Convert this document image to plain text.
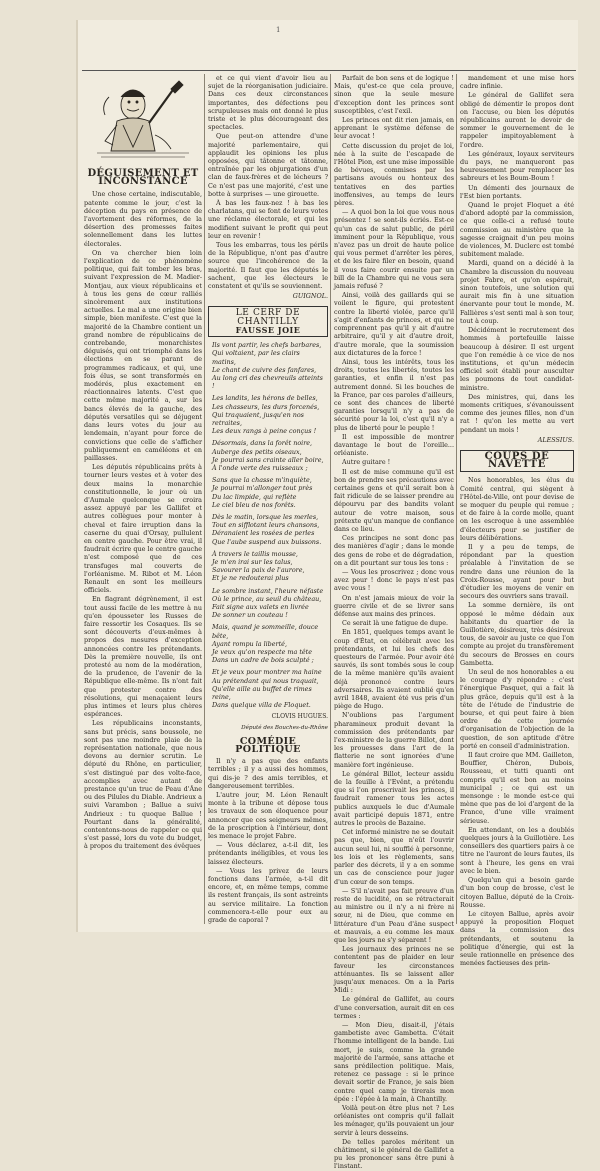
1
DÉGUISEMENT ET INCONSTANCE

Une chose certaine, indiscutable, patente comme le jour, c'est la déception du pays en présence de l'avortement des réformes, de la désertion des promesses faites solennellement dans les luttes électorales.

On va chercher bien loin l'explication de ce phénomène politique, qui fait tomber les bras, suivant l'expression de M. Madier-Montjau, aux vieux républicains et à tous les gens de cœur ralliés sincèrement aux institutions actuelles. Le mal a une origine bien simple, bien manifeste. C'est que la majorité de la Chambre contient un grand nombre de républicains de contrebande, monarchistes déguisés, qui ont triomphé dans les élections en se parant de programmes radicaux, et qui, une fois élus, se sont transformés en modérés, plus exactement en réactionnaires latents. C'est que cette même majorité a, sur les bancs élevés de la gauche, des députés versatiles qui se déjugent dans leurs votes du jour au lendemain, n'ayant pour force de convictions que celle de s'afficher publiquement en caméléons et en paillasses.

Les députés républicains prêts à tourner leurs vestes et à voter des deux mains la monarchie constitutionnelle, le jour où un d'Aumale quelconque se croira assez appuyé par les Gallifet et autres collègues pour monter à cheval et faire irruption dans la caserne du quai d'Orsay, pullulent en centre gauche. Pour être vrai, il faudrait écrire que le centre gauche n'est composé que de ces transfuges mal couverts de l'orléanisme. M. Ribot et M. Léon Renault en sont les meilleurs officiels.

En flagrant dégrènement, il est tout aussi facile de les mettre à nu qu'en épousseter les Russes de faire ressortir les Cosaques. Ils se sont découverts d'eux-mêmes à propos des mesures d'exception annoncées contre les prétendants. Dès la première nouvelle, ils ont protesté au nom de la modération, de la prudence, de l'avenir de la République elle-même. Ils n'ont fait que protester contre des résolutions, qui menaçaient leurs plus intimes et leurs plus chères espérances.

Les républicains inconstants, sans but précis, sans boussole, ne sont pas une moindre plaie de la représentation nationale, que nous devons au dernier scrutin. Le député du Rhône, en particulier, s'est distingué par des volte-face, accomplies avec autant de prestance qu'un truc de Peau d'Âne ou des Pilules du Diable. Andrieux a suivi Varambon ; Ballue a suivi Andrieux : tu quoque Ballue ! Pourtant dans la généralité, contentons-nous de rappeler ce qui s'est passé, lors du vote du budget, à propos du traitement des évêques

et ce qui vient d'avoir lieu au sujet de la réorganisation judiciaire. Dans ces deux circonstances importantes, des défections peu scrupuleuses mais ont donné le plus triste et le plus décourageant des spectacles.

Que peut-on attendre d'une majorité parlementaire, qui applaudit les opinions les plus opposées, qui tâtonne et tâtonne, entraînée par les objurgations d'un clan de faux-frères et de lécheurs ? Ce n'est pas une majorité, c'est une botte à surprises — une girouette.

À bas les faux-nez ! à bas les charlatans, qui se font de leurs votes une réclame électorale, et qui les modifient suivant le profit qui peut leur en revenir !

Tous les embarras, tous les périls de la République, n'ont pas d'autre source que l'incohérence de la majorité. Il faut que les députés le sachent, que les électeurs le constatent et qu'ils se souviennent.

GUIGNOL.
LE CERF DE CHANTILLY
FAUSSE JOIE
Ils vont partir, les chefs barbares,
Qui voltaient, par les clairs matins,
Le chant de cuivre des fanfares,
Au long cri des chevreuils atteints !
Les landits, les hérons de belles,
Les chasseurs, les durs forcenés,
Qui traquaient, jusqu'en nos retraites,
Les deux rangs à peine conçus !
Désormais, dans la forêt noire,
Auberge des petits oiseaux,
Je pourrai sans crainte aller boire,
À l'onde verte des ruisseaux ;
Sans que la chasse m'inquiète,
Je pourrai m'allonger tout près
Du lac limpide, qui reflète
Le ciel bleu de nos forêts.
Dès le matin, lorsque les merles,
Tout en sifflotant leurs chansons,
Déranaient les rosées de perles
Que l'aube suspend aux buissons.
À travers le taillis mousse,
Je m'en irai sur les talus,
Savourer la paix de l'aurore,
Et je ne redouterai plus
Le sombre instant, l'heure néfaste
Où le prince, au seuil du château,
Fait signe aux valets en livrée
De sonner un couteau !
Mais, quand je sommeille, douce bête,
Ayant rompu la liberté,
Je veux qu'on respecte ma tête
Dans un cadre de bois sculpté ;
Et je veux pour montrer ma haine
Au prétendant qui nous traquait,
Qu'elle aille au buffet de rimes reine,
Dans quelque villa de Floquet.
CLOVIS HUGUES.
Député des Bouches-du-Rhône
COMÉDIE POLITIQUE

Il n'y a pas que des enfants terribles ; il y a aussi des hommes, qui dis-je ? des amis terribles, et dangereusement terribles.

L'autre jour, M. Léon Renault monte à la tribune et dépose tous les travaux de son éloquence pour annoncer que ces seigneurs mêmes, de la proscription à l'intérieur, dont les menace le projet Fabre.

— Vous déclarez, a-t-il dit, les prétendants inéligibles, et vous les laissez électeurs.

— Vous les privez de leurs fonctions dans l'armée, a-t-il dit encore, et, en même temps, comme ils restent français, ils sont astreints au service militaire. La fonction commencera-t-elle pour eux au grade de caporal ?

Parfait de bon sens et de logique ! Mais, qu'est-ce que cela prouve, sinon que la seule mesure d'exception dont les princes sont susceptibles, c'est l'exil.

Les princes ont dit rien jamais, en apprenant le système défense de leur avocat !

Cette discussion du projet de loi, née à la suite de l'escapade de l'Hôtel Pion, est une mise impossible de bévues, commises par les partisans avoués ou honteux des tentatives en des parties inoffensives, au temps de leurs pères.

— A quoi bon la loi que vous nous présentez ! se sont-ils écriés. Est-ce qu'un cas de salut public, de péril imminent pour la République, vous n'avez pas un droit de haute police qui vous permet d'arrêter les pères, et de les faire filer en besoin, quand il vous faire courir ensuite par un bill de la Chambre qui ne vous sera jamais refusé ?

Ainsi, voilà des gaillards qui se voilent le figure, qui protestent contre la liberté violée, parce qu'il s'agit d'enfants de princes, et qui ne comprennent pas qu'il y ait d'autre arbitraire, qu'il y ait d'autre droit, d'autre morale, que la soumission aux dictatures de la force !

Ainsi, tous les intérêts, tous les droits, toutes les libertés, toutes les garanties, et enfin il n'est pas autrement donné. Si les bouches de la France, par ces paroles d'ailleurs, ce sont des chances de liberté garanties lorsqu'il n'y a pas de sécurité pour la loi, c'est qu'il n'y a plus de liberté pour le peuple !

Il est impossible de montrer davantage le bout de l'oreille... orléaniste.

Autre guitare !

Il est de mise commune qu'il est bon de prendre ses précautions avec certaines gens et qu'il serait bon à fait ridicule de se laisser prendre au dépourvu par des bandits volant autour de votre maison, sous prétexte qu'un manque de confiance dans ce lieu.

Ces principes ne sont donc pas des manières d'agir ; dans le monde des gens de robe et de dégradation, on a dit pourtant sur tous les tons :

— Vous les proscrivez ; donc vous avez peur ! donc le pays n'est pas avec vous !

On n'est jamais mieux de voir la guerre civile et de se livrer sans défense aux mains des princes.

Ce serait là une fatigue de dupe.

En 1851, quelques temps avant le coup d'État, on célébrait avec les prétendants, et lui les chefs des questeurs de l'armée. Pour avoir été sauvés, ils sont tombés sous le coup de la même manière qu'ils avaient déjà prononcé contre leurs adversaires. Ils avaient oublié qu'en avril 1848, avaient été vus pris d'un piège de Hugo.

N'oublions pas l'argument pharamineux produit devant la commission des prétendants par l'ex-ministre de la guerre Billot, dont les prouesses dans l'art de la flatterie ne sont ignorées d'une manière fort ingénieuse.

Le général Billot, lecteur assidu de la feuille à l'Evênt, a prétendu que si l'on proscrivait les princes, il faudrait ramener tous les actes publics auxquels le duc d'Aumale avait participé depuis 1871, entre autres le procès de Bazaine.

Cet informé ministre ne se doutait pas que, bien, que n'eût l'ouvrir aucun seul lui, ni soufflé à personne, les lois et les règlements, sans parler des décrets, il y a en somme un cas de conscience pour juger d'un cœur de son temps.

— S'il n'avait pas fait preuve d'un reste de lucidité, on se rétracterait au ministre ou il n'y a ni frère ni sœur, ni de Dieu, que comme en littérature d'un Peau d'âne suspect et mauvais, a eu comme les maux que les jours ne s'y séparent !

Les journaux des princes ne se contentent pas de plaider en leur faveur les circonstances atténuantes. Ils se laissent aller jusqu'aux menaces. On a la Paris Midi :

Le général de Gallifet, au cours d'une conversation, aurait dit en ces termes :

— Mon Dieu, disait-il, j'étais gambetiste avec Gambetta. C'était l'homme intelligent de la bande. Lui mort, je suis, comme la grande majorité de l'armée, sans attache et sans prédilection politique. Mais, retenez ce passage : si le prince devait sortir de France, je sais bien contre quel camp je tirerais mon épée : l'épée à la main, à Chantilly.

Voilà peut-on être plus net ? Les orléanistes ont compris qu'il fallait les ménager, qu'ils pouvaient un jour servir à leurs desseins.

De telles paroles méritent un châtiment, si le général de Gallifet a pu les prononcer sans être puni à l'instant.

mandement et une mise hors cadre infinie.

Le général de Gallifet sera obligé de démentir le propos dont on l'accuse, ou bien les députés républicains auront le devoir de sommer le gouvernement de le rappeler impitoyablement à l'ordre.

Les généraux, loyaux serviteurs du pays, ne manqueront pas heureusement pour remplacer les sabreurs et les Boum-Boum !

Un démenti des journaux de l'Est bien portants.

Quand le projet Floquet a été d'abord adopté par la commission, ce que celle-ci a refusé toute commission au ministère que la sagesse craignait d'un peu moins de violences, M. Duclerc est tombé subitement malade.

Mardi, quand on a décidé à la Chambre la discussion du nouveau projet Fabre, et qu'on espérait, sinon toutefois, une solution qui aurait mis fin à une situation énervante pour tout le monde, M. Fallières s'est senti mal à son tour, tout à coup.

Décidément le recrutement des hommes à portefeuille laisse beaucoup à désirer. Il est urgent que l'on remédie à ce vice de nos institutions, et qu'un médecin officiel soit établi pour ausculter les poumons de tout candidat-ministre.

Des ministres, qui, dans les moments critiques, s'évanouissent comme des jeunes filles, non d'un rat ! qu'on les mette au vert pendant un mois !

ALESSIUS.
COUPS DE NAVETTE

Nos honorables, les élus du Comité central, qui siègent à l'Hôtel-de-Ville, ont pour devise de se moquer du peuple qui remue ; et de faire à la corde molle, quant on les escroque à une assemblée d'électeurs pour se justifier de leurs délibérations.

Il y a peu de temps, de répondant par la question préalable à l'invitation de se rendre dans une réunion de la Croix-Rousse, ayant pour but d'étudier les moyens de venir en secours des ouvriers sans travail.

La somme dernière, ils ont opposé le même dédain aux habitants du quartier de la Guillotière, désireux, très désireux tous, de savoir au juste ce que l'on compte au projet du transfèrement du secours de Brosses en cours Gambetta.

Un seul de nos honorables a eu le courage d'y répondre : c'est l'énergique Pasquet, qui a fait là plus grâce, depuis qu'il est à la tête de l'étude de l'industrie de bourse, et qui peut faire à bien ordre de cette journée d'organisation de l'objection de la question, de son aptitude d'être porté en conseil d'administration.

Il faut croire que MM. Gailleton, Bouffier, Chéron, Dubois, Rousseau, et tutti quanti ont compris qu'il est bon au moins municipal ; ce qui est un mensonge : le monde est-ce qui mène que pas de loi d'argent de la France, d'une ville vraiment sérieuse.

En attendant, on les a doublés quelques jours à la Guillotière. Les conseillers des quartiers pairs à ce titre ne l'auront de leurs fautes, ils sont à l'heure, les gens en vrai avec le bien.

Quelqu'un qui a besoin garde d'un bon coup de brosse, c'est le citoyen Ballue, député de la Croix-Rousse.

Le citoyen Ballue, après avoir appuyé la proposition Floquet dans la commission des prétendants, et soutenu la politique d'énergie, qui est la seule rationnelle en présence des menées factieuses des prin-
